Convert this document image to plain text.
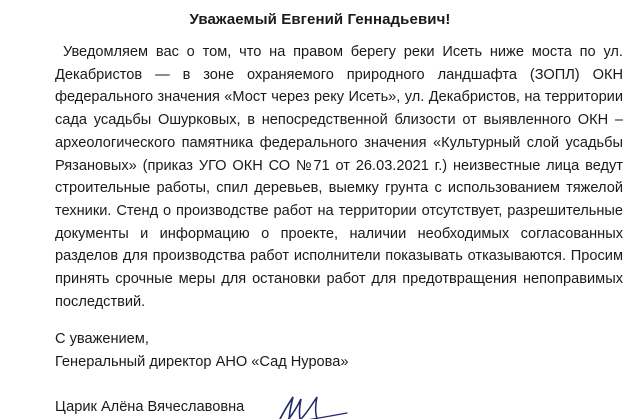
Уважаемый Евгений Геннадьевич!

Уведомляем вас о том, что на правом берегу реки Исеть ниже моста по ул. Декабристов — в зоне охраняемого природного ландшафта (ЗОПЛ) ОКН федерального значения «Мост через реку Исеть», ул. Декабристов, на территории сада усадьбы Ошурковых, в непосредственной близости от выявленного ОКН – археологического памятника федерального значения «Культурный слой усадьбы Рязановых» (приказ УГО ОКН СО №71 от 26.03.2021 г.) неизвестные лица ведут строительные работы, спил деревьев, выемку грунта с использованием тяжелой техники. Стенд о производстве работ на территории отсутствует, разрешительные документы и информацию о проекте, наличии необходимых согласованных разделов для производства работ исполнители показывать отказываются. Просим принять срочные меры для остановки работ для предотвращения непоправимых последствий.

С уважением,
Генеральный директор АНО «Сад Нурова»
Царик Алёна Вячеславовна
